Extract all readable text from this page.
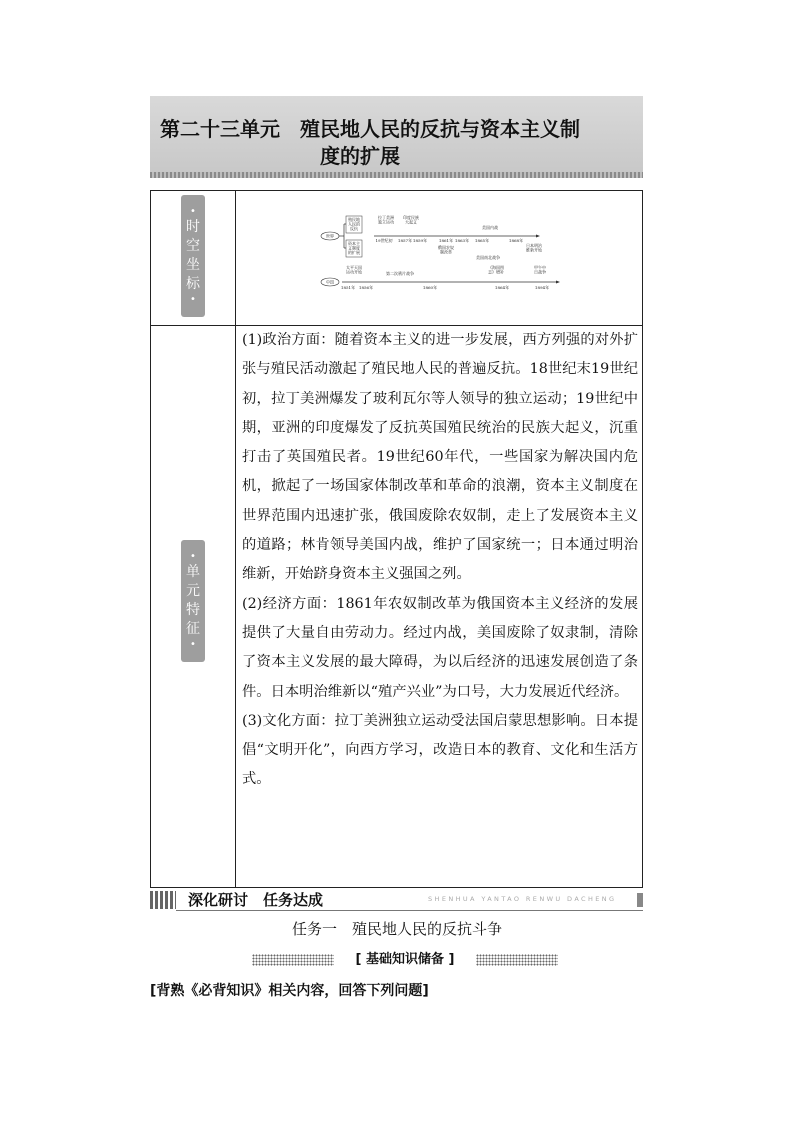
第二十三单元　殖民地人民的反抗与资本主义制
度的扩展
•
时
空
坐
标
•
•
单
元
特
征
•
世界
殖民地
人民的
反抗
资本主
义制度
的扩展
拉丁美洲
独立运动
印度民族
大起义
19世纪初 1857年 1859年	1861年 1863年 1865年	1868年
俄国农奴
制改革
美国内战
日本明治
维新开始
美国南北战争
中国
太平天国
运动开始	第二次鸦片战争
《海国图
志》增补
甲午中
日战争
1851年 1856年	1860年	1864年	1894年

(1)政治方面：随着资本主义的进一步发展，西方列强的对外扩张与殖民活动激起了殖民地人民的普遍反抗。18世纪末19世纪初，拉丁美洲爆发了玻利瓦尔等人领导的独立运动；19世纪中期，亚洲的印度爆发了反抗英国殖民统治的民族大起义，沉重打击了英国殖民者。19世纪60年代，一些国家为解决国内危机，掀起了一场国家体制改革和革命的浪潮，资本主义制度在世界范围内迅速扩张，俄国废除农奴制，走上了发展资本主义的道路；林肯领导美国内战，维护了国家统一；日本通过明治维新，开始跻身资本主义强国之列。

(2)经济方面：1861年农奴制改革为俄国资本主义经济的发展提供了大量自由劳动力。经过内战，美国废除了奴隶制，清除了资本主义发展的最大障碍，为以后经济的迅速发展创造了条件。日本明治维新以“殖产兴业”为口号，大力发展近代经济。

(3)文化方面：拉丁美洲独立运动受法国启蒙思想影响。日本提倡“文明开化”，向西方学习，改造日本的教育、文化和生活方式。

深化研讨　任务达成	SHENHUA YANTAO RENWU DACHENG
任务一　殖民地人民的反抗斗争
[ 基础知识储备 ]
[背熟《必背知识》相关内容，回答下列问题]
